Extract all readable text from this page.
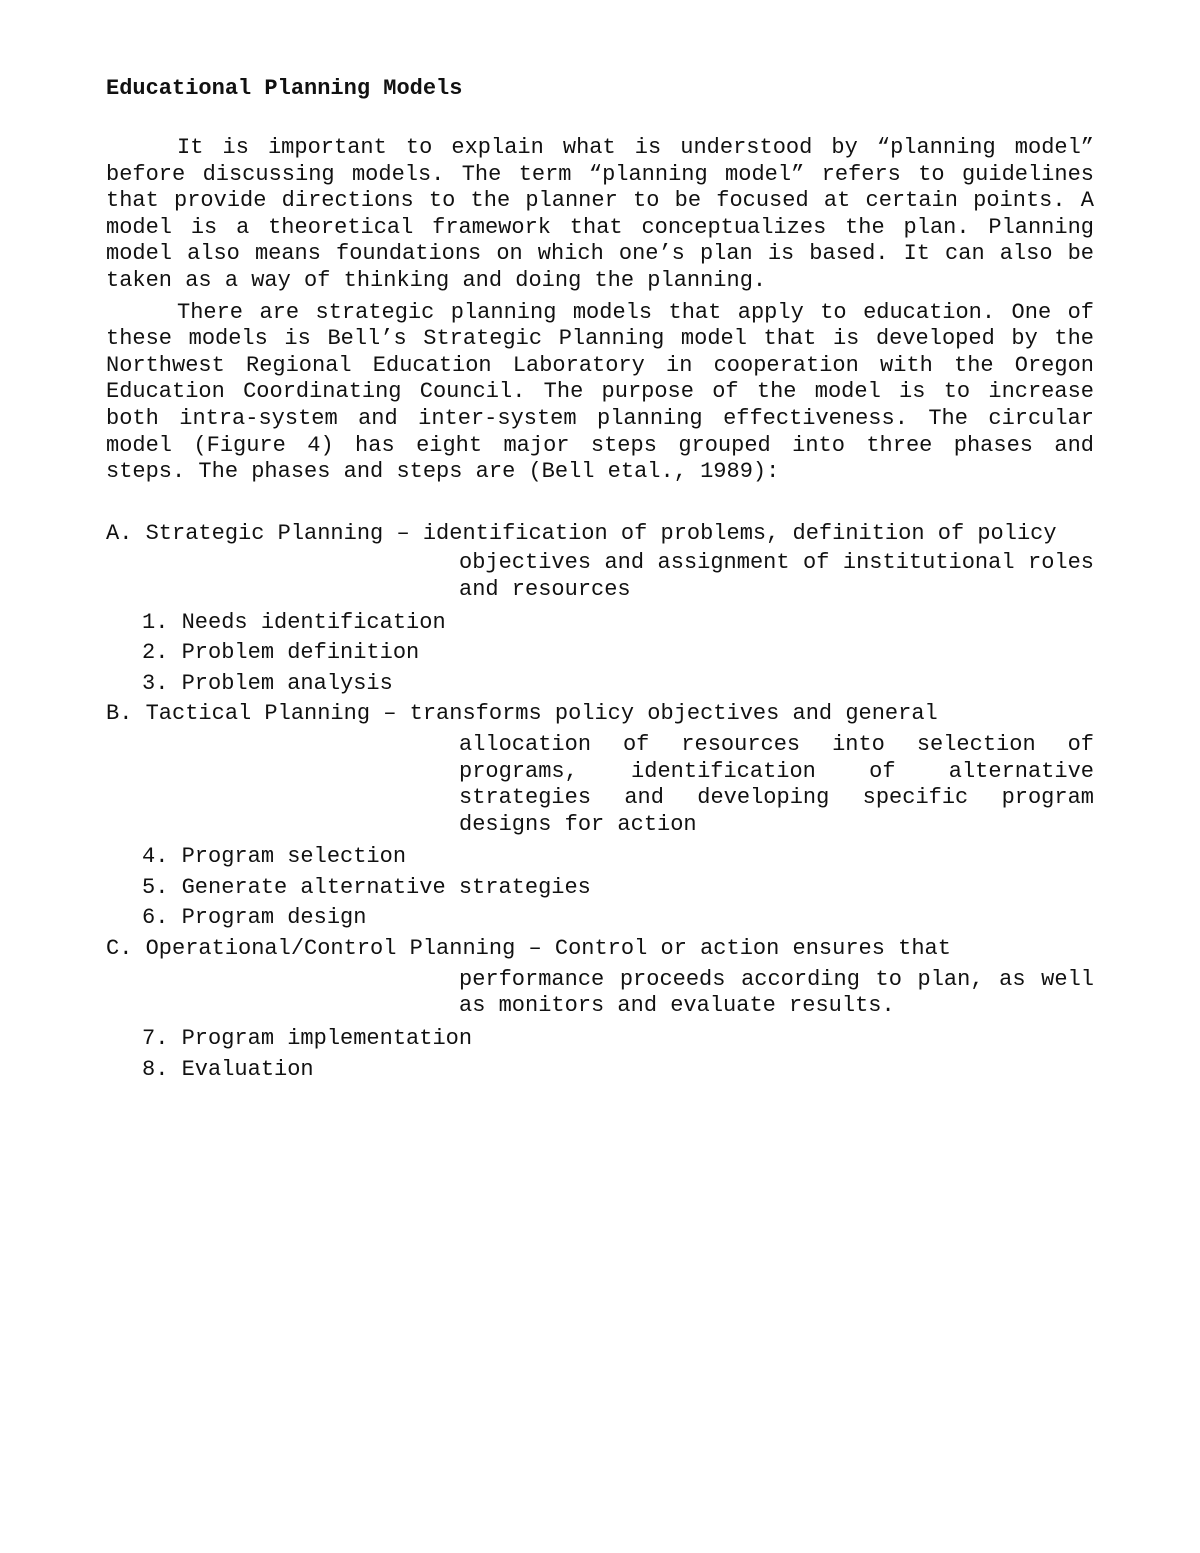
Educational Planning Models

It is important to explain what is understood by “planning model” before discussing models. The term “planning model” refers to guidelines that provide directions to the planner to be focused at certain points. A model is a theoretical framework that conceptualizes the plan. Planning model also means foundations on which one’s plan is based. It can also be taken as a way of thinking and doing the planning.

There are strategic planning models that apply to education. One of these models is Bell’s Strategic Planning model that is developed by the Northwest Regional Education Laboratory in cooperation with the Oregon Education Coordinating Council. The purpose of the model is to increase both intra-system and inter-system planning effectiveness. The circular model (Figure 4) has eight major steps grouped into three phases and steps. The phases and steps are (Bell etal., 1989):

A. Strategic Planning – identification of problems, definition of policy

objectives and assignment of institutional roles and resources

1. Needs identification
2. Problem definition
3. Problem analysis

B. Tactical Planning – transforms policy objectives and general

allocation of resources into selection of programs, identification of alternative strategies and developing specific program designs for action

4. Program selection
5. Generate alternative strategies
6. Program design

C. Operational/Control Planning – Control or action ensures that

performance proceeds according to plan, as well as monitors and evaluate results.

7. Program implementation
8. Evaluation
